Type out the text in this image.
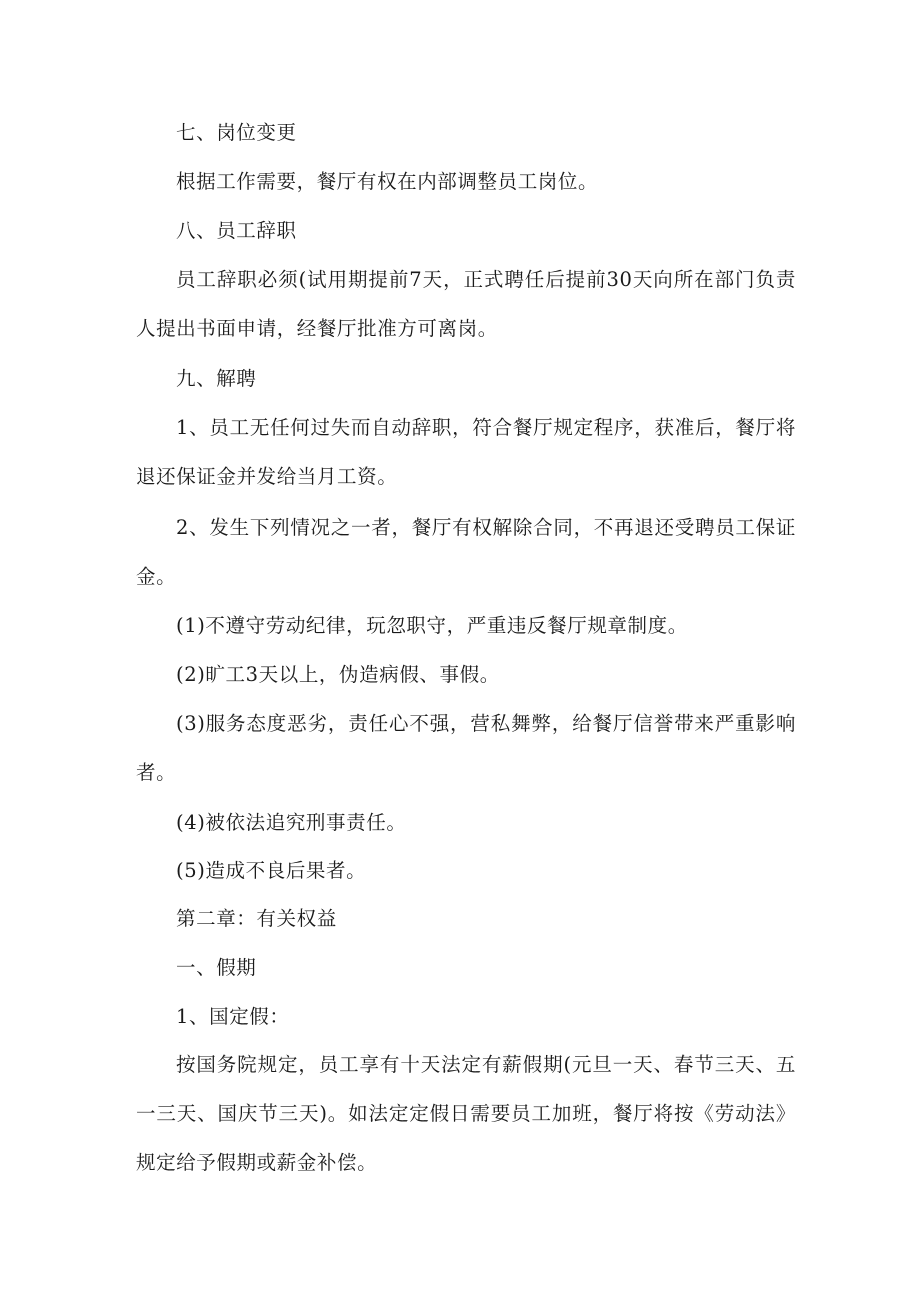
七、岗位变更

根据工作需要，餐厅有权在内部调整员工岗位。

八、员工辞职

员工辞职必须(试用期提前7天，正式聘任后提前30天向所在部门负责人提出书面申请，经餐厅批准方可离岗。

九、解聘

1、员工无任何过失而自动辞职，符合餐厅规定程序，获准后，餐厅将退还保证金并发给当月工资。

2、发生下列情况之一者，餐厅有权解除合同，不再退还受聘员工保证金。

(1)不遵守劳动纪律，玩忽职守，严重违反餐厅规章制度。

(2)旷工3天以上，伪造病假、事假。

(3)服务态度恶劣，责任心不强，营私舞弊，给餐厅信誉带来严重影响者。

(4)被依法追究刑事责任。

(5)造成不良后果者。

第二章：有关权益

一、假期

1、国定假：

按国务院规定，员工享有十天法定有薪假期(元旦一天、春节三天、五一三天、国庆节三天)。如法定定假日需要员工加班，餐厅将按《劳动法》规定给予假期或薪金补偿。
